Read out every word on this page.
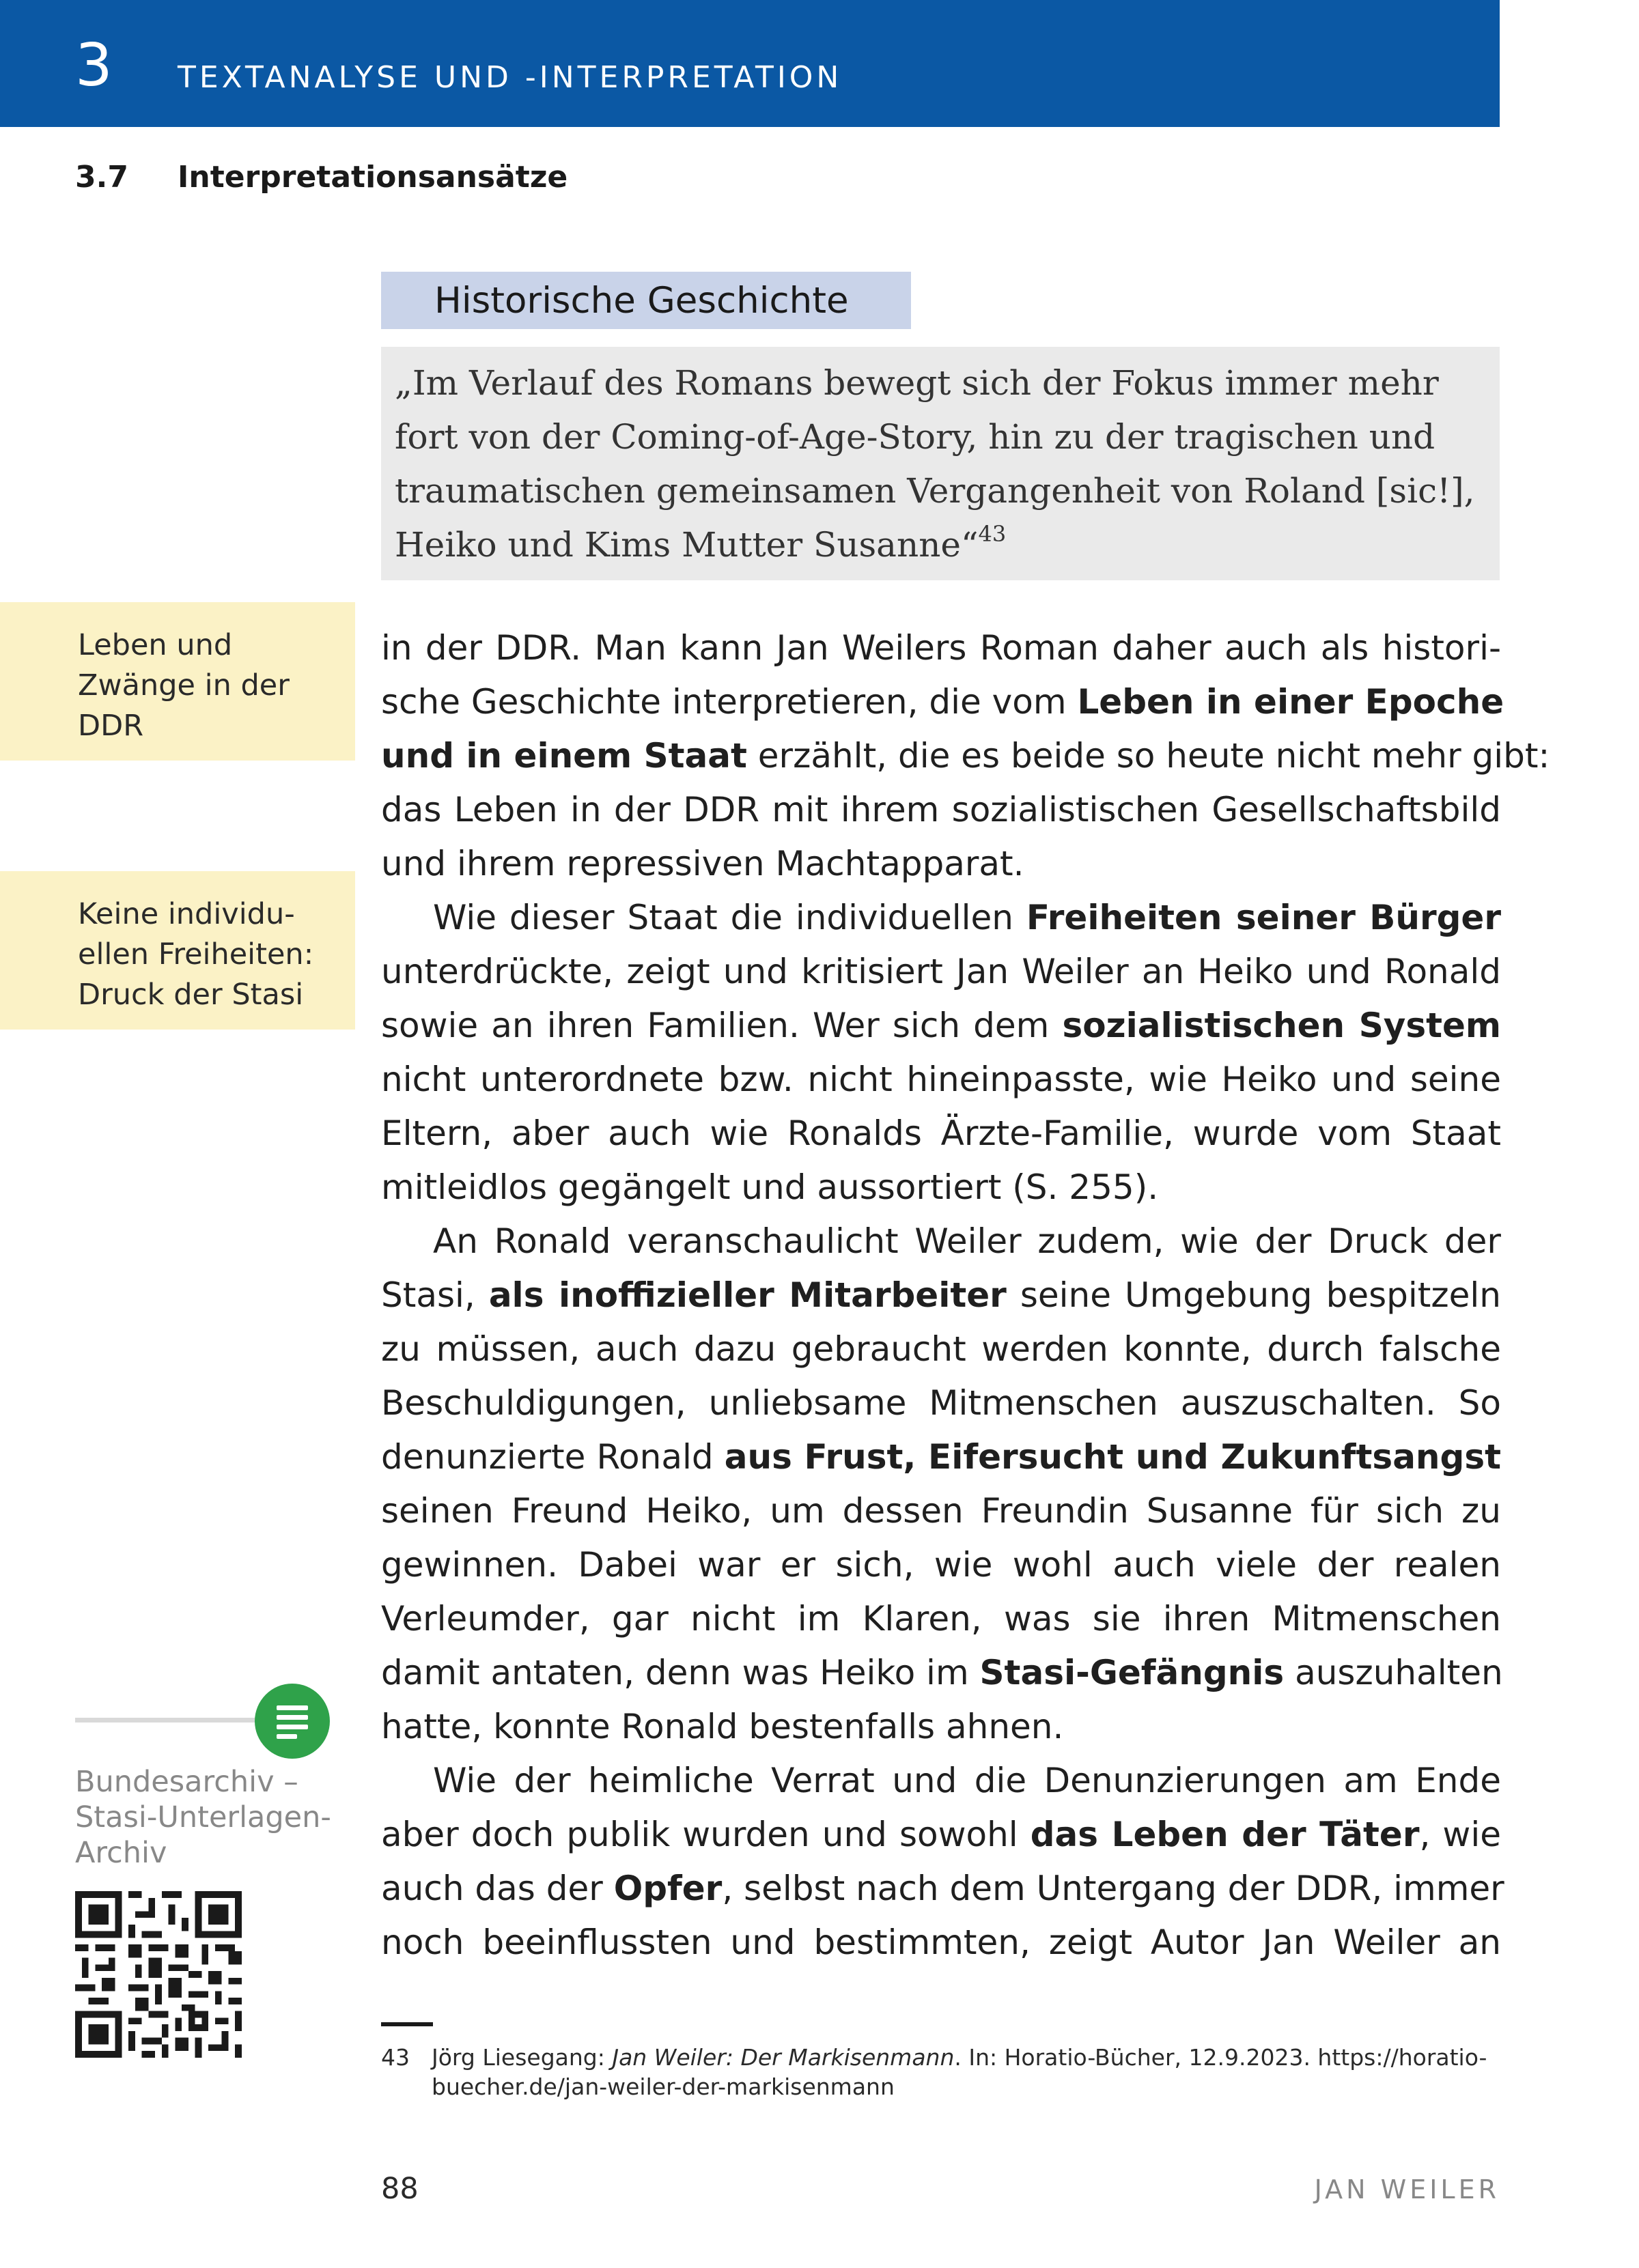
3 TEXTANALYSE UND -INTERPRETATION
3.7 Interpretationsansätze
Historische Geschichte
„Im Verlauf des Romans bewegt sich der Fokus immer mehr
fort von der Coming-of-Age-Story, hin zu der tragischen und
traumatischen gemeinsamen Vergangenheit von Roland [sic!],
Heiko und Kims Mutter Susanne“$^{43}$
Leben und
Zwänge in der
DDR
Keine individu-
ellen Freiheiten:
Druck der Stasi
in der DDR. Man kann Jan Weilers Roman daher auch als histori-
sche Geschichte interpretieren, die vom Leben in einer Epoche
und in einem Staat erzählt, die es beide so heute nicht mehr gibt:
das Leben in der DDR mit ihrem sozialistischen Gesellschaftsbild
und ihrem repressiven Machtapparat.
Wie dieser Staat die individuellen Freiheiten seiner Bürger
unterdrückte, zeigt und kritisiert Jan Weiler an Heiko und Ronald
sowie an ihren Familien. Wer sich dem sozialistischen System
nicht unterordnete bzw. nicht hineinpasste, wie Heiko und seine
Eltern, aber auch wie Ronalds Ärzte-Familie, wurde vom Staat
mitleidlos gegängelt und aussortiert (S. 255).
An Ronald veranschaulicht Weiler zudem, wie der Druck der
Stasi, als inoffizieller Mitarbeiter seine Umgebung bespitzeln
zu müssen, auch dazu gebraucht werden konnte, durch falsche
Beschuldigungen, unliebsame Mitmenschen auszuschalten. So
denunzierte Ronald aus Frust, Eifersucht und Zukunftsangst
seinen Freund Heiko, um dessen Freundin Susanne für sich zu
gewinnen. Dabei war er sich, wie wohl auch viele der realen
Verleumder, gar nicht im Klaren, was sie ihren Mitmenschen
damit antaten, denn was Heiko im Stasi-Gefängnis auszuhalten
hatte, konnte Ronald bestenfalls ahnen.
Wie der heimliche Verrat und die Denunzierungen am Ende
aber doch publik wurden und sowohl das Leben der Täter, wie
auch das der Opfer, selbst nach dem Untergang der DDR, immer
noch beeinflussten und bestimmten, zeigt Autor Jan Weiler an
Bundesarchiv –
Stasi-Unterlagen-
Archiv
43 Jörg Liesegang: Jan Weiler: Der Markisenmann. In: Horatio-Bücher, 12.9.2023. https://horatio-
buecher.de/jan-weiler-der-markisenmann
88	JAN WEILER
